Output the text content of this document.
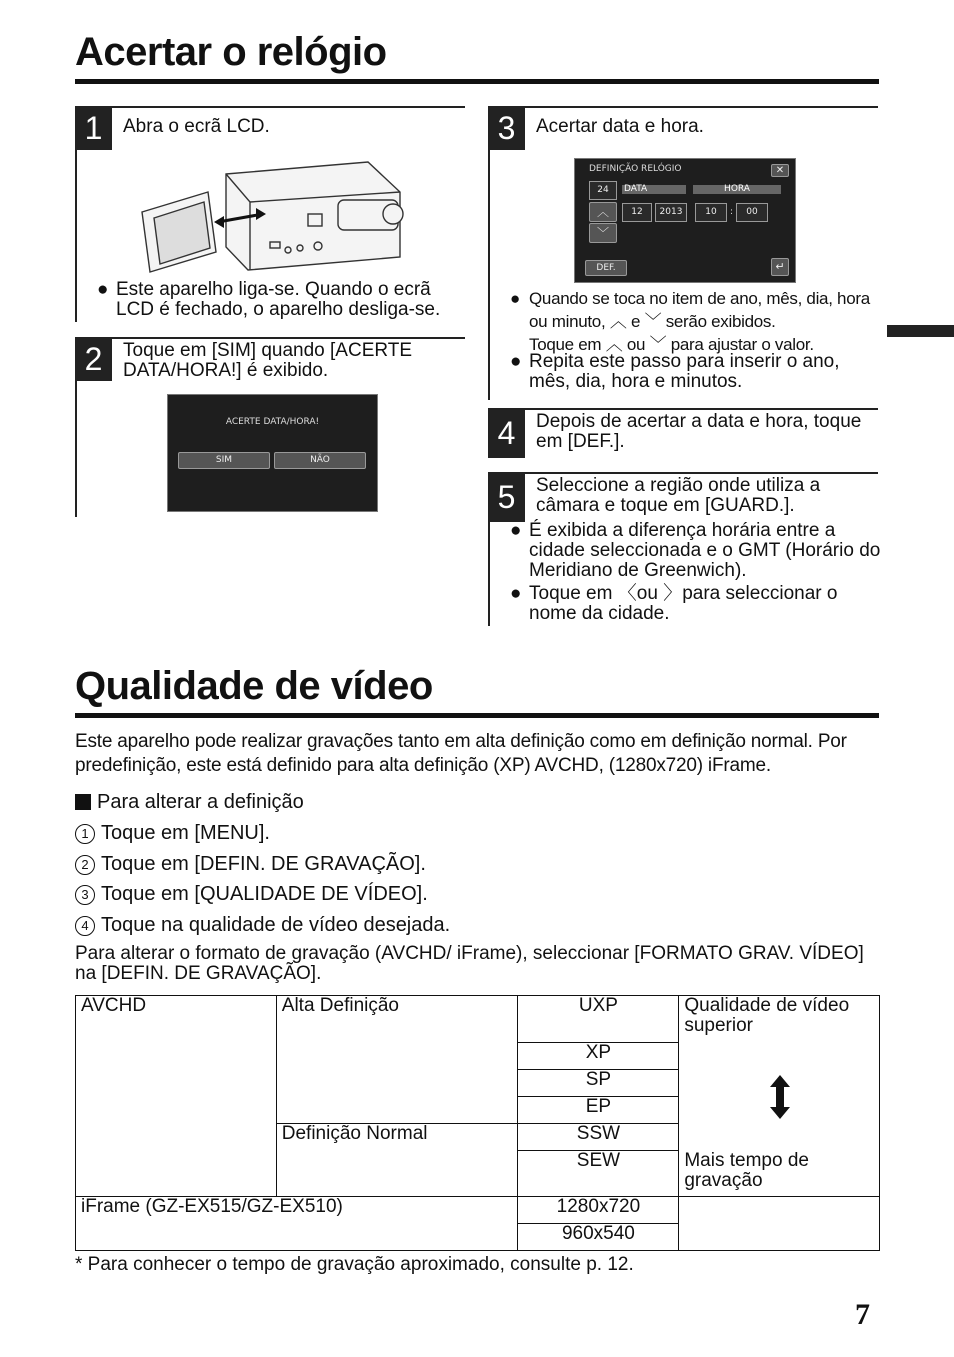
Acertar o relógio
1	Abra o ecrã LCD.
● Este aparelho liga-se. Quando o ecrã LCD é fechado, o aparelho desliga-se.
2	Toque em [SIM] quando [ACERTE DATA/HORA!] é exibido.
ACERTE DATA/HORA!
SIM	NÃO
3	Acertar data e hora.
DEFINIÇÃO RELÓGIO	✕
24	DATA	HORA
︿
﹀
12	2013	10	:	00
DEF.	↵
● Quando se toca no item de ano, mês, dia, hora ou minuto, ︿ e ﹀ serão exibidos.
Toque em ︿ ou ﹀ para ajustar o valor.
● Repita este passo para inserir o ano, mês, dia, hora e minutos.
4	Depois de acertar a data e hora, toque em [DEF.].
5	Seleccione a região onde utiliza a câmara e toque em [GUARD.].
● É exibida a diferença horária entre a cidade seleccionada e o GMT (Horário do Meridiano de Greenwich).
● Toque em 〈ou 〉para seleccionar o nome da cidade.
Qualidade de vídeo
Este aparelho pode realizar gravações tanto em alta definição como em definição normal. Por predefinição, este está definido para alta definição (XP) AVCHD, (1280x720) iFrame.
Para alterar a definição
1 Toque em [MENU].
2 Toque em [DEFIN. DE GRAVAÇÃO].
3 Toque em [QUALIDADE DE VÍDEO].
4 Toque na qualidade de vídeo desejada.
Para alterar o formato de gravação (AVCHD/ iFrame), seleccionar [FORMATO GRAV. VÍDEO] na [DEFIN. DE GRAVAÇÃO].
AVCHD	Alta Definição	UXP	Qualidade de vídeo superior
Mais tempo de gravação

		XP	
		SP	
		EP	
	Definição Normal	SSW	
		SEW	
iFrame (GZ-EX515/GZ-EX510)		1280x720	
		960x540	
* Para conhecer o tempo de gravação aproximado, consulte p. 12.
7
